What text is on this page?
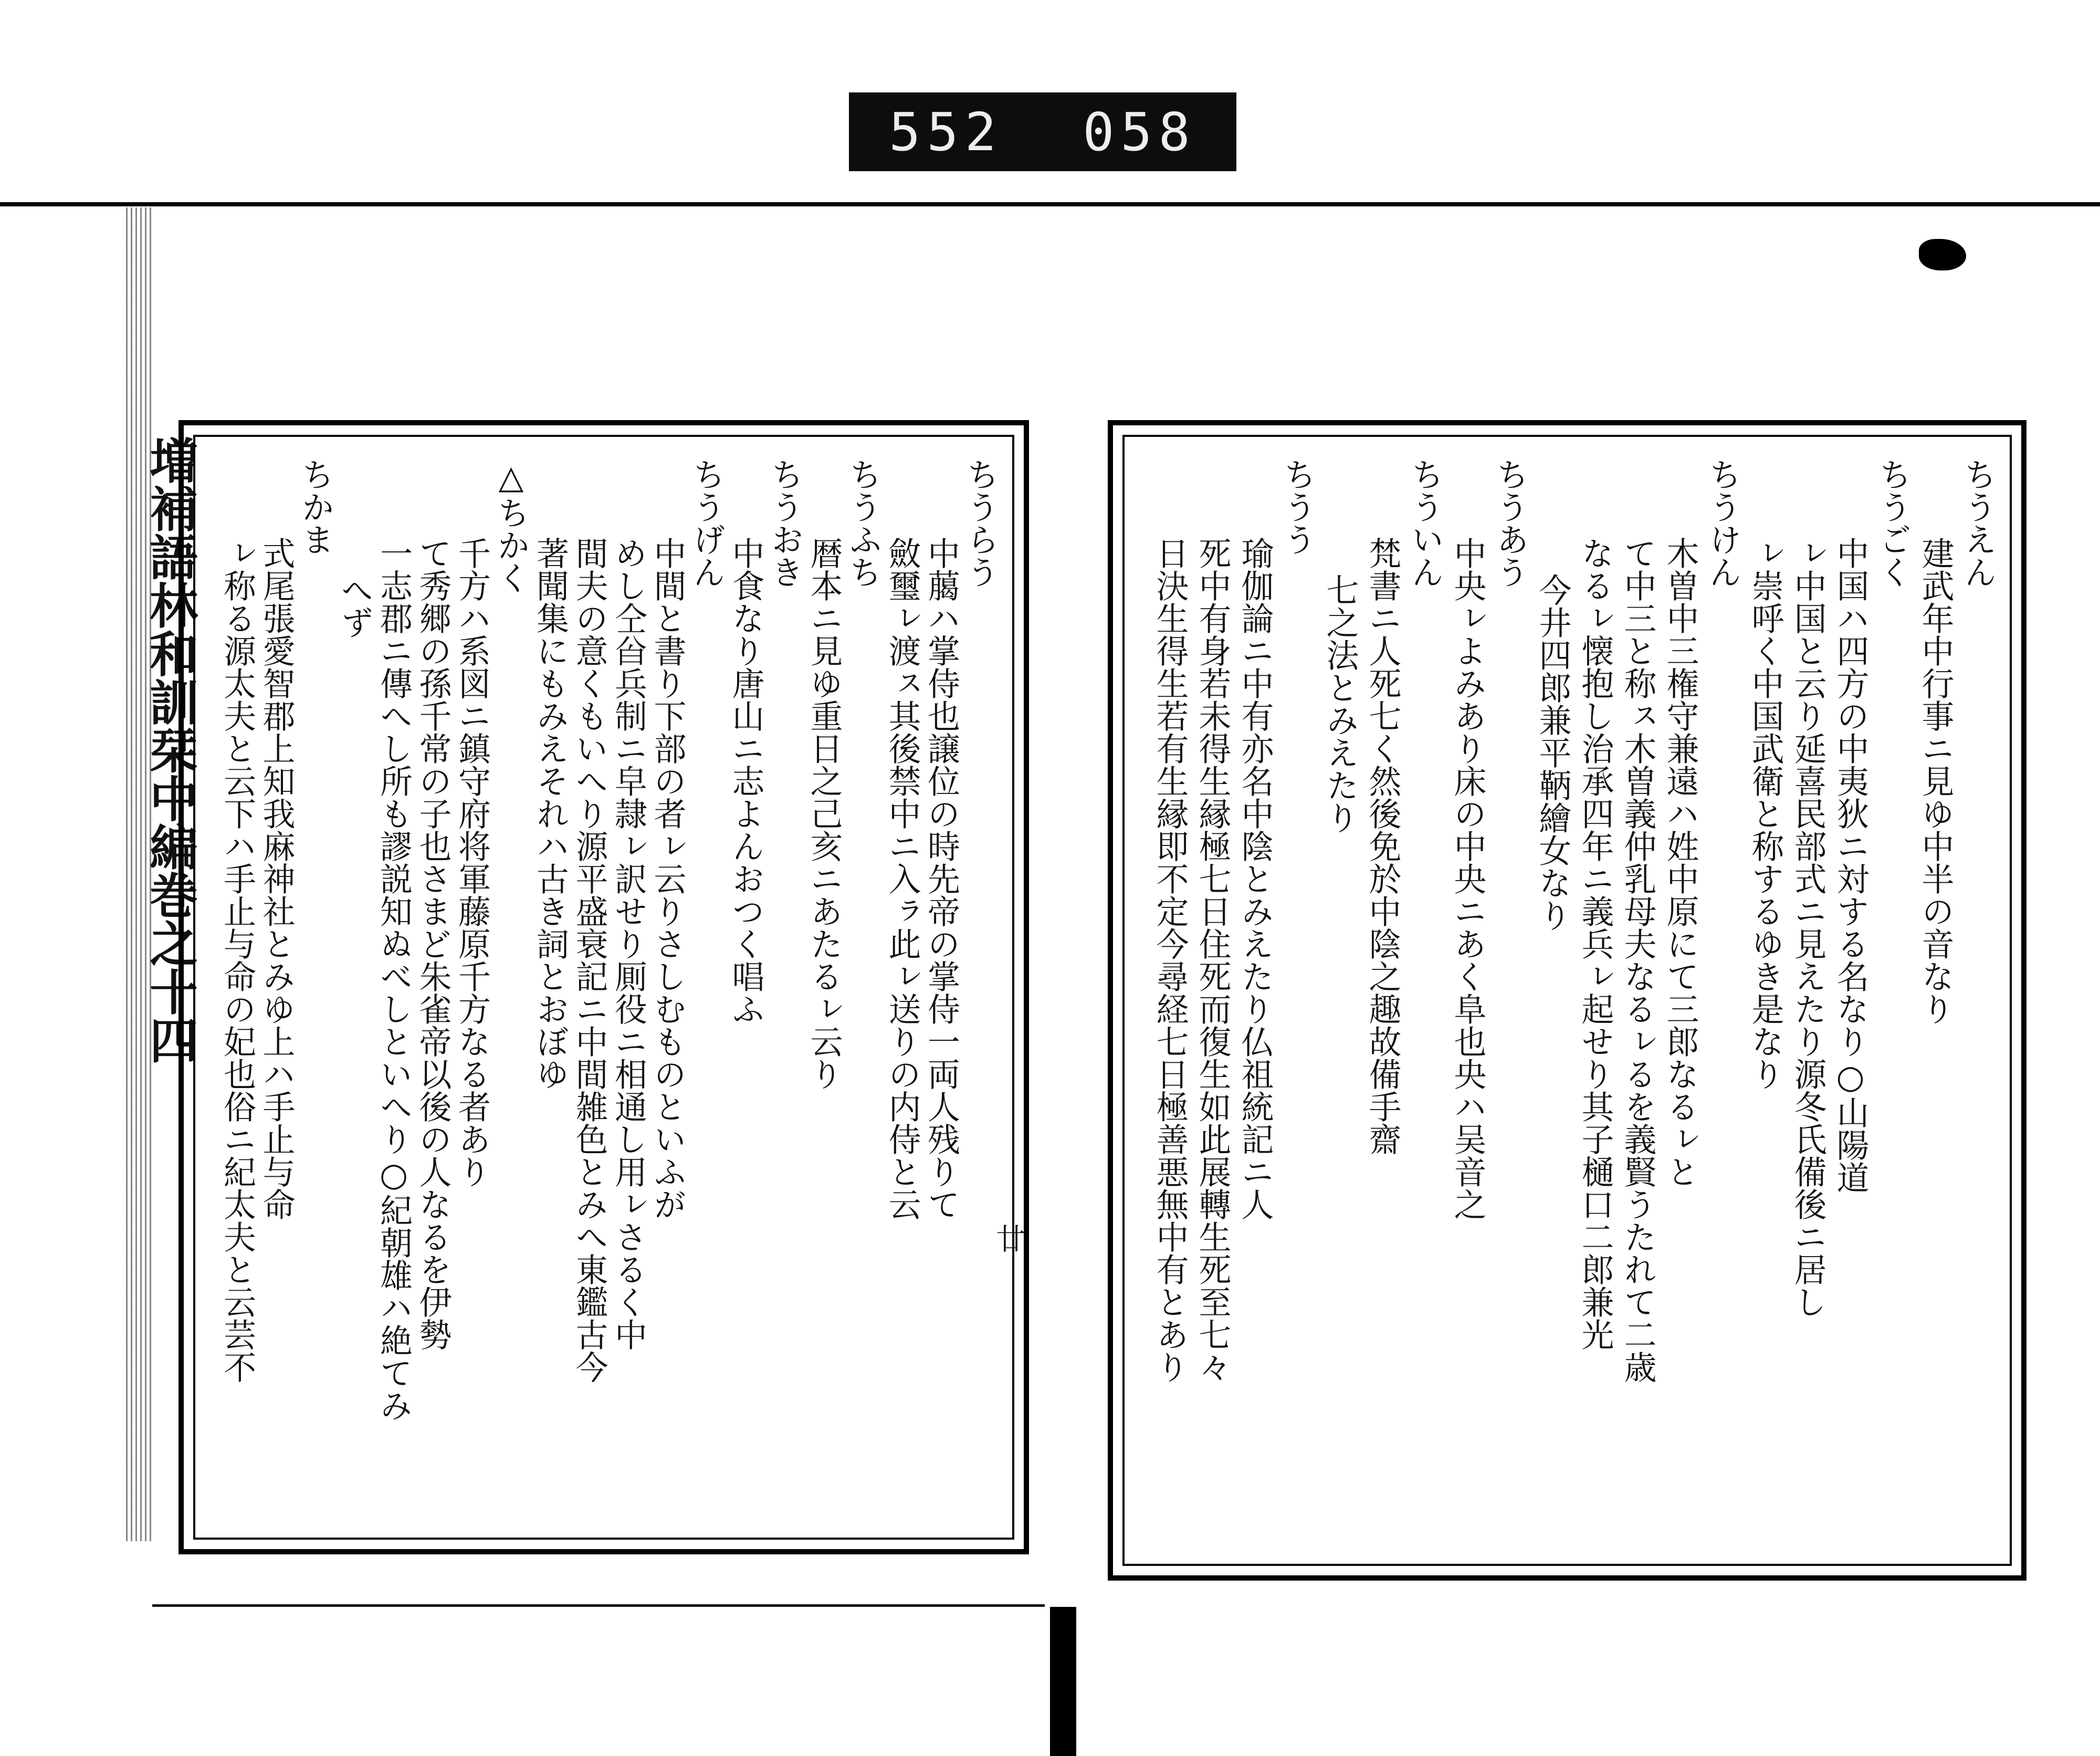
552 058
増補語林和訓栞中編巻之十四
廿
ちうらう
中﨟ハ掌侍也譲位の時先帝の掌侍一両人残りて
斂璽ㇾ渡ㇲ其後禁中ニ入ㇻ此ㇾ送りの内侍と云
ちうふち
暦本ニ見ゆ重日之己亥ニあたるㇾ云り
ちうおき
中食なり唐山ニ志よんおつく唱ふ
ちうげん
中間と書り下部の者ㇾ云りさしむものといふが
めし仝㒶兵制ニ皁隷ㇾ訳せり厠役ニ相通し用ㇾさるく中
間夫の意くもいへり源平盛衰記ニ中間雑色とみへ東鑑古今
著聞集にもみえそれハ古き詞とおぼゆ
△ちかく
千方ハ系図ニ鎮守府将軍藤原千方なる者あり
て秀郷の孫千常の子也さまど朱雀帝以後の人なるを伊勢
一志郡ニ傳へし所も謬説知ぬべしといへり○紀朝雄ハ絶てみ
へず
ちかま
式尾張愛智郡上知我麻神社とみゆ上ハ手止与命
ㇾ称る源太夫と云下ハ手止与命の妃也俗ニ紀太夫と云芸不
ちうえん
建武年中行事ニ見ゆ中半の音なり
ちうごく
中国ハ四方の中夷狄ニ対する名なり○山陽道
ㇾ中国と云り延喜民部式ニ見えたり源冬氏備後ニ居し
ㇾ崇呼く中国武衛と称するゆき是なり
ちうけん
木曽中三権守兼遠ハ姓中原にて三郎なるㇾと
て中三と称ㇲ木曽義仲乳母夫なるㇾるを義賢うたれて二歳
なるㇾ懐抱し治承四年ニ義兵ㇾ起せり其子樋口二郎兼光
今井四郎兼平鞆繪女なり
ちうあう
中央ㇾよみあり床の中央ニあく阜也央ハ吴音之
ちういん
梵書ニ人死七く然後免於中陰之趣故備手齋
七之法とみえたり
ちうう
瑜伽論ニ中有亦名中陰とみえたり仏祖統記ニ人
死中有身若未得生縁極七日住死而復生如此展轉生死至七々
日決生得生若有生縁即不定今尋経七日極善悪無中有とあり
